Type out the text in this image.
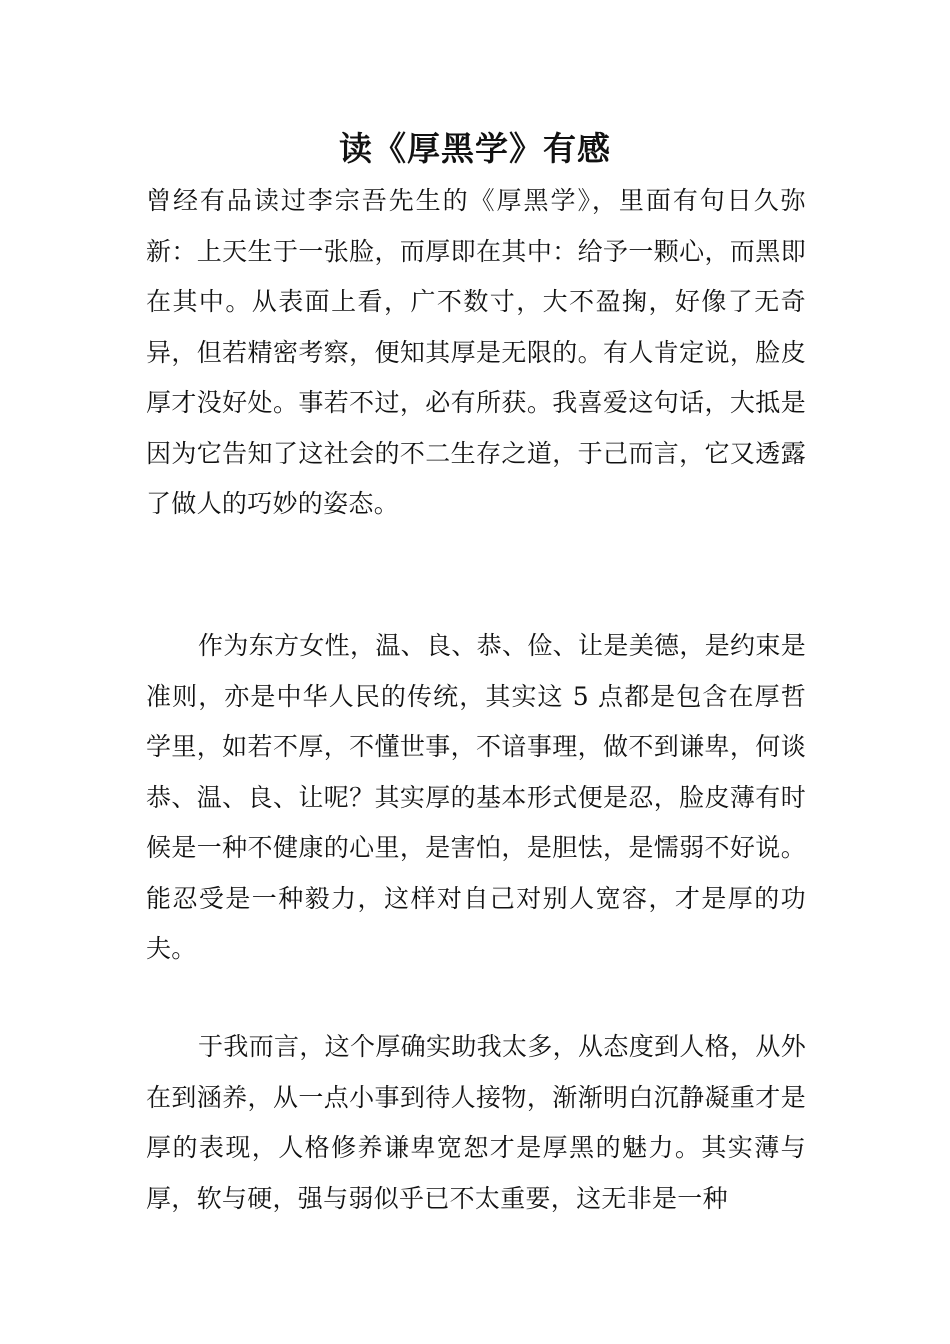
读《厚黑学》有感

曾经有品读过李宗吾先生的《厚黑学》，里面有句日久弥新：上天生于一张脸，而厚即在其中：给予一颗心，而黑即在其中。从表面上看，广不数寸，大不盈掬，好像了无奇异，但若精密考察，便知其厚是无限的。有人肯定说，脸皮厚才没好处。事若不过，必有所获。我喜爱这句话，大抵是因为它告知了这社会的不二生存之道，于己而言，它又透露了做人的巧妙的姿态。

作为东方女性，温、良、恭、俭、让是美德，是约束是准则，亦是中华人民的传统，其实这 5 点都是包含在厚哲学里，如若不厚，不懂世事，不谙事理，做不到谦卑，何谈恭、温、良、让呢？其实厚的基本形式便是忍，脸皮薄有时候是一种不健康的心里，是害怕，是胆怯，是懦弱不好说。能忍受是一种毅力，这样对自己对别人宽容，才是厚的功夫。

于我而言，这个厚确实助我太多，从态度到人格，从外在到涵养，从一点小事到待人接物，渐渐明白沉静凝重才是厚的表现，人格修养谦卑宽恕才是厚黑的魅力。其实薄与厚，软与硬，强与弱似乎已不太重要，这无非是一种
